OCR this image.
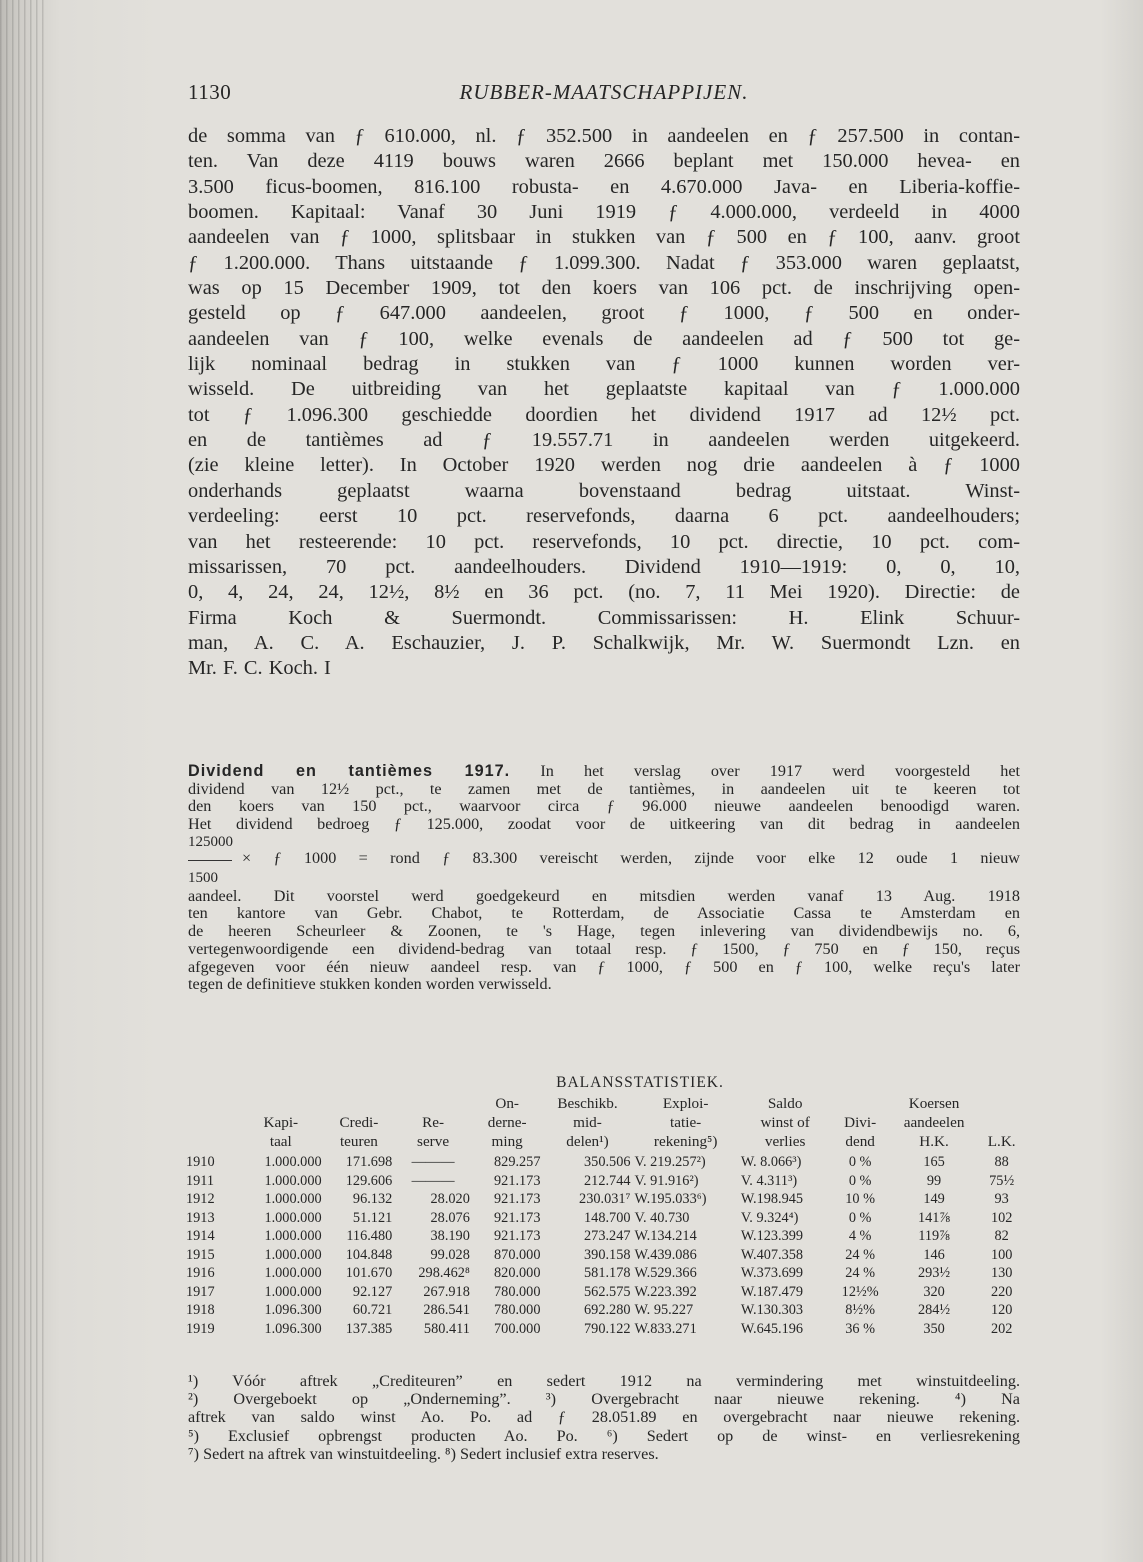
1130	RUBBER-MAATSCHAPPIJEN.
de somma van ƒ 610.000, nl. ƒ 352.500 in aandeelen en ƒ 257.500 in contan-
ten. Van deze 4119 bouws waren 2666 beplant met 150.000 hevea- en
3.500 ficus-boomen, 816.100 robusta- en 4.670.000 Java- en Liberia-koffie-
boomen. Kapitaal: Vanaf 30 Juni 1919 ƒ 4.000.000, verdeeld in 4000
aandeelen van ƒ 1000, splitsbaar in stukken van ƒ 500 en ƒ 100, aanv. groot
ƒ 1.200.000. Thans uitstaande ƒ 1.099.300. Nadat ƒ 353.000 waren geplaatst,
was op 15 December 1909, tot den koers van 106 pct. de inschrijving open-
gesteld op ƒ 647.000 aandeelen, groot ƒ 1000, ƒ 500 en onder-
aandeelen van ƒ 100, welke evenals de aandeelen ad ƒ 500 tot ge-
lijk nominaal bedrag in stukken van ƒ 1000 kunnen worden ver-
wisseld. De uitbreiding van het geplaatste kapitaal van ƒ 1.000.000
tot ƒ 1.096.300 geschiedde doordien het dividend 1917 ad 12½ pct.
en de tantièmes ad ƒ 19.557.71 in aandeelen werden uitgekeerd.
(zie kleine letter). In October 1920 werden nog drie aandeelen à ƒ 1000
onderhands geplaatst waarna bovenstaand bedrag uitstaat. Winst-
verdeeling: eerst 10 pct. reservefonds, daarna 6 pct. aandeelhouders;
van het resteerende: 10 pct. reservefonds, 10 pct. directie, 10 pct. com-
missarissen, 70 pct. aandeelhouders. Dividend 1910—1919: 0, 0, 10,
0, 4, 24, 24, 12½, 8½ en 36 pct. (no. 7, 11 Mei 1920). Directie: de
Firma Koch & Suermondt. Commissarissen: H. Elink Schuur-
man, A. C. A. Eschauzier, J. P. Schalkwijk, Mr. W. Suermondt Lzn. en
Mr. F. C. Koch. I
Dividend en tantièmes 1917. In het verslag over 1917 werd voorgesteld het
dividend van 12½ pct., te zamen met de tantièmes, in aandeelen uit te keeren tot
den koers van 150 pct., waarvoor circa ƒ 96.000 nieuwe aandeelen benoodigd waren.
Het dividend bedroeg ƒ 125.000, zoodat voor de uitkeering van dit bedrag in aandeelen
125000
× ƒ 1000 = rond ƒ 83.300 vereischt werden, zijnde voor elke 12 oude 1 nieuw
1500
aandeel. Dit voorstel werd goedgekeurd en mitsdien werden vanaf 13 Aug. 1918
ten kantore van Gebr. Chabot, te Rotterdam, de Associatie Cassa te Amsterdam en
de heeren Scheurleer & Zoonen, te 's Hage, tegen inlevering van dividendbewijs no. 6,
vertegenwoordigende een dividend-bedrag van totaal resp. ƒ 1500, ƒ 750 en ƒ 150, reçus
afgegeven voor één nieuw aandeel resp. van ƒ 1000, ƒ 500 en ƒ 100, welke reçu's later
tegen de definitieve stukken konden worden verwisseld.
BALANSSTATISTIEK.
				On-	Beschikb.	Exploi-	Saldo		Koersen	
	Kapi-	Credi-	Re-	derne-	mid-	tatie-	winst of	Divi-	aandeelen	
	taal	teuren	serve	ming	delen¹)	rekening⁵)	verlies	dend	H.K.	L.K.
1910	1.000.000	171.698	———	829.257	350.506	V. 219.257²)	W. 8.066³)	0 %	165	88
1911	1.000.000	129.606	———	921.173	212.744	V. 91.916²)	V. 4.311³)	0 %	99	75½
1912	1.000.000	96.132	28.020	921.173	230.031⁷	W.195.033⁶)	W.198.945	10 %	149	93
1913	1.000.000	51.121	28.076	921.173	148.700	V. 40.730	V. 9.324⁴)	0 %	141⅞	102
1914	1.000.000	116.480	38.190	921.173	273.247	W.134.214	W.123.399	4 %	119⅞	82
1915	1.000.000	104.848	99.028	870.000	390.158	W.439.086	W.407.358	24 %	146	100
1916	1.000.000	101.670	298.462⁸	820.000	581.178	W.529.366	W.373.699	24 %	293½	130
1917	1.000.000	92.127	267.918	780.000	562.575	W.223.392	W.187.479	12½%	320	220
1918	1.096.300	60.721	286.541	780.000	692.280	W. 95.227	W.130.303	8½%	284½	120
1919	1.096.300	137.385	580.411	700.000	790.122	W.833.271	W.645.196	36 %	350	202
¹) Vóór aftrek „Crediteuren” en sedert 1912 na vermindering met winstuitdeeling.
²) Overgeboekt op „Onderneming”. ³) Overgebracht naar nieuwe rekening. ⁴) Na
aftrek van saldo winst Ao. Po. ad ƒ 28.051.89 en overgebracht naar nieuwe rekening.
⁵) Exclusief opbrengst producten Ao. Po. ⁶) Sedert op de winst- en verliesrekening
⁷) Sedert na aftrek van winstuitdeeling. ⁸) Sedert inclusief extra reserves.
